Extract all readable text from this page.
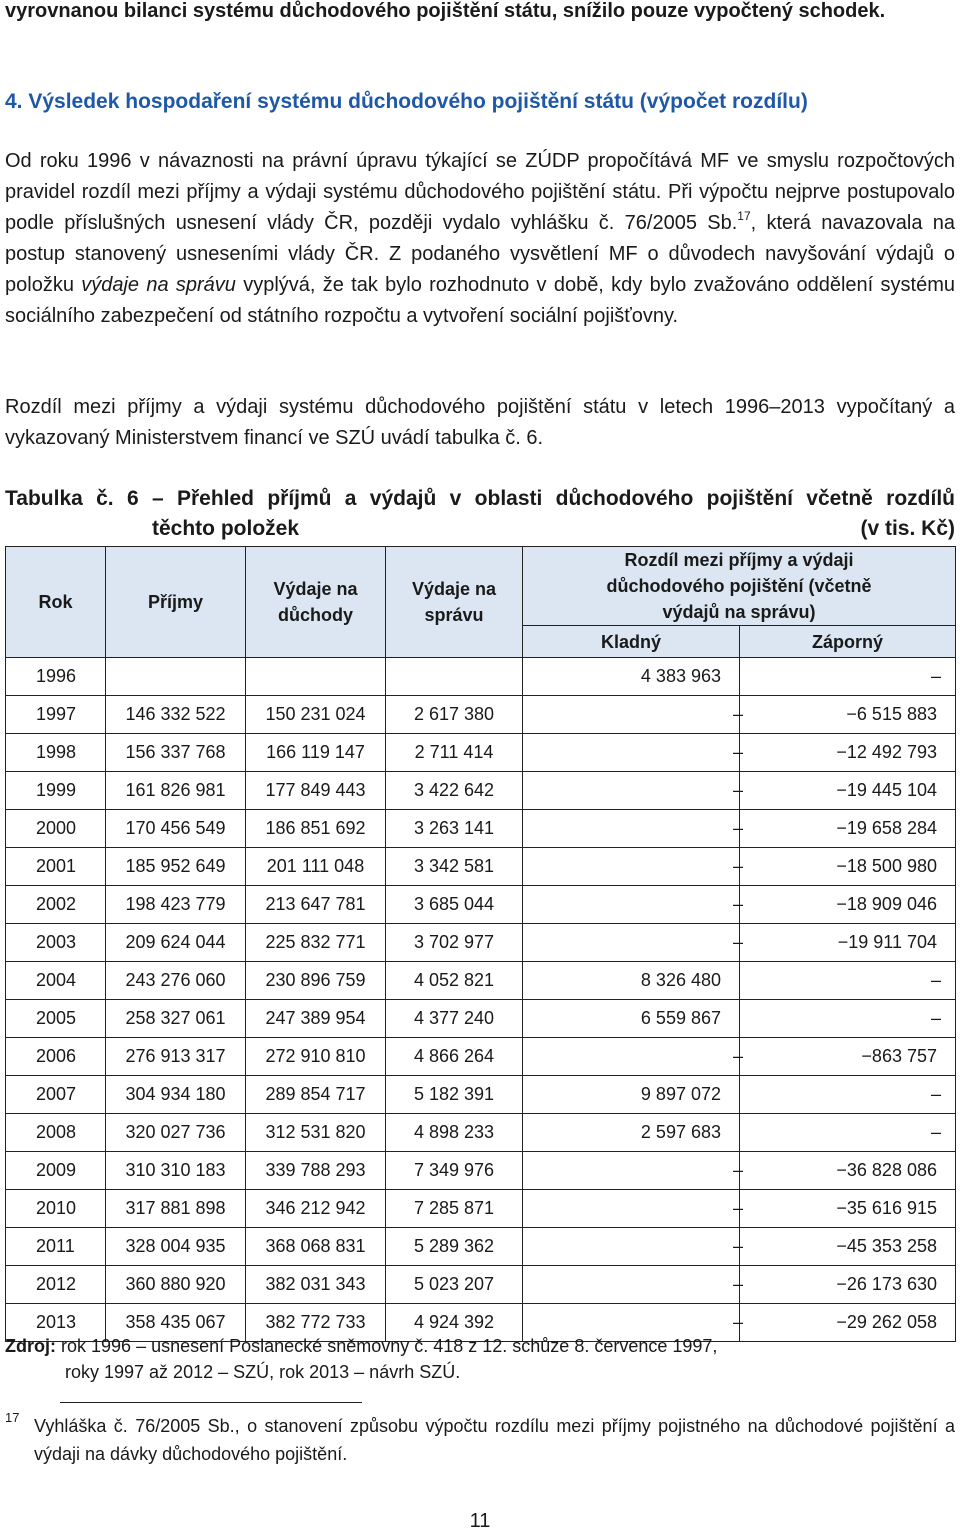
vyrovnanou bilanci systému důchodového pojištění státu, snížilo pouze vypočtený schodek.

4. Výsledek hospodaření systému důchodového pojištění státu (výpočet rozdílu)

Od roku 1996 v návaznosti na právní úpravu týkající se ZÚDP propočítává MF ve smyslu rozpočtových pravidel rozdíl mezi příjmy a výdaji systému důchodového pojištění státu. Při výpočtu nejprve postupovalo podle příslušných usnesení vlády ČR, později vydalo vyhlášku č. 76/2005 Sb.$^{17}$, která navazovala na postup stanovený usneseními vlády ČR. Z podaného vysvětlení MF o důvodech navyšování výdajů o položku výdaje na správu vyplývá, že tak bylo rozhodnuto v době, kdy bylo zvažováno oddělení systému sociálního zabezpečení od státního rozpočtu a vytvoření sociální pojišťovny.

Rozdíl mezi příjmy a výdaji systému důchodového pojištění státu v letech 1996–2013 vypočítaný a vykazovaný Ministerstvem financí ve SZÚ uvádí tabulka č. 6.

Tabulka č. 6 – Přehled příjmů a výdajů v oblasti důchodového pojištění včetně rozdílů
těchto položek	(v tis. Kč)
Rok	Příjmy	Výdaje na důchody	Výdaje na správu	Rozdíl mezi příjmy a výdaji důchodového pojištění (včetně výdajů na správu)	
				Kladný	Záporný
1996				4 383 963	–
1997	146 332 522	150 231 024	2 617 380	–	−6 515 883
1998	156 337 768	166 119 147	2 711 414	–	−12 492 793
1999	161 826 981	177 849 443	3 422 642	–	−19 445 104
2000	170 456 549	186 851 692	3 263 141	–	−19 658 284
2001	185 952 649	201 111 048	3 342 581	–	−18 500 980
2002	198 423 779	213 647 781	3 685 044	–	−18 909 046
2003	209 624 044	225 832 771	3 702 977	–	−19 911 704
2004	243 276 060	230 896 759	4 052 821	8 326 480	–
2005	258 327 061	247 389 954	4 377 240	6 559 867	–
2006	276 913 317	272 910 810	4 866 264	–	−863 757
2007	304 934 180	289 854 717	5 182 391	9 897 072	–
2008	320 027 736	312 531 820	4 898 233	2 597 683	–
2009	310 310 183	339 788 293	7 349 976	–	−36 828 086
2010	317 881 898	346 212 942	7 285 871	–	−35 616 915
2011	328 004 935	368 068 831	5 289 362	–	−45 353 258
2012	360 880 920	382 031 343	5 023 207	–	−26 173 630
2013	358 435 067	382 772 733	4 924 392	–	−29 262 058
Zdroj: rok 1996 – usnesení Poslanecké sněmovny č. 418 z 12. schůze 8. července 1997,
roky 1997 až 2012 – SZÚ, rok 2013 – návrh SZÚ.
17 Vyhláška č. 76/2005 Sb., o stanovení způsobu výpočtu rozdílu mezi příjmy pojistného na důchodové pojištění a výdaji na dávky důchodového pojištění.

11
